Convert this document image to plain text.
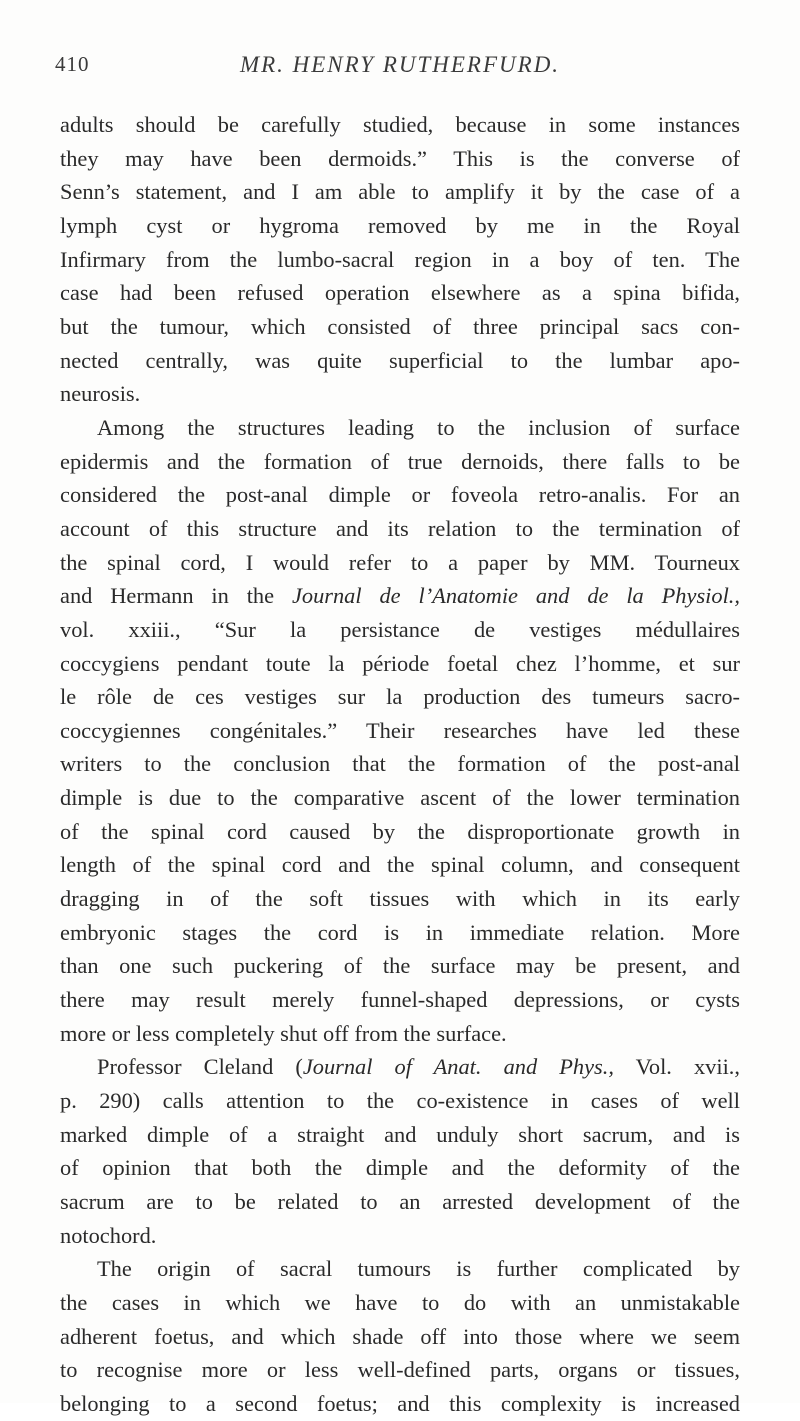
410	MR. HENRY RUTHERFURD.

adults should be carefully studied, because in some instances
they may have been dermoids.” This is the converse of
Senn’s statement, and I am able to amplify it by the case of a
lymph cyst or hygroma removed by me in the Royal
Infirmary from the lumbo-sacral region in a boy of ten. The
case had been refused operation elsewhere as a spina bifida,
but the tumour, which consisted of three principal sacs con-
nected centrally, was quite superficial to the lumbar apo-
neurosis.

Among the structures leading to the inclusion of surface
epidermis and the formation of true dernoids, there falls to be
considered the post-anal dimple or foveola retro-analis. For an
account of this structure and its relation to the termination of
the spinal cord, I would refer to a paper by MM. Tourneux
and Hermann in the Journal de l’Anatomie and de la Physiol.,
vol. xxiii., “Sur la persistance de vestiges médullaires
coccygiens pendant toute la période foetal chez l’homme, et sur
le rôle de ces vestiges sur la production des tumeurs sacro-
coccygiennes congénitales.” Their researches have led these
writers to the conclusion that the formation of the post-anal
dimple is due to the comparative ascent of the lower termination
of the spinal cord caused by the disproportionate growth in
length of the spinal cord and the spinal column, and consequent
dragging in of the soft tissues with which in its early
embryonic stages the cord is in immediate relation. More
than one such puckering of the surface may be present, and
there may result merely funnel-shaped depressions, or cysts
more or less completely shut off from the surface.

Professor Cleland (Journal of Anat. and Phys., Vol. xvii.,
p. 290) calls attention to the co-existence in cases of well
marked dimple of a straight and unduly short sacrum, and is
of opinion that both the dimple and the deformity of the
sacrum are to be related to an arrested development of the
notochord.

The origin of sacral tumours is further complicated by
the cases in which we have to do with an unmistakable
adherent foetus, and which shade off into those where we seem
to recognise more or less well-defined parts, organs or tissues,
belonging to a second foetus; and this complexity is increased
